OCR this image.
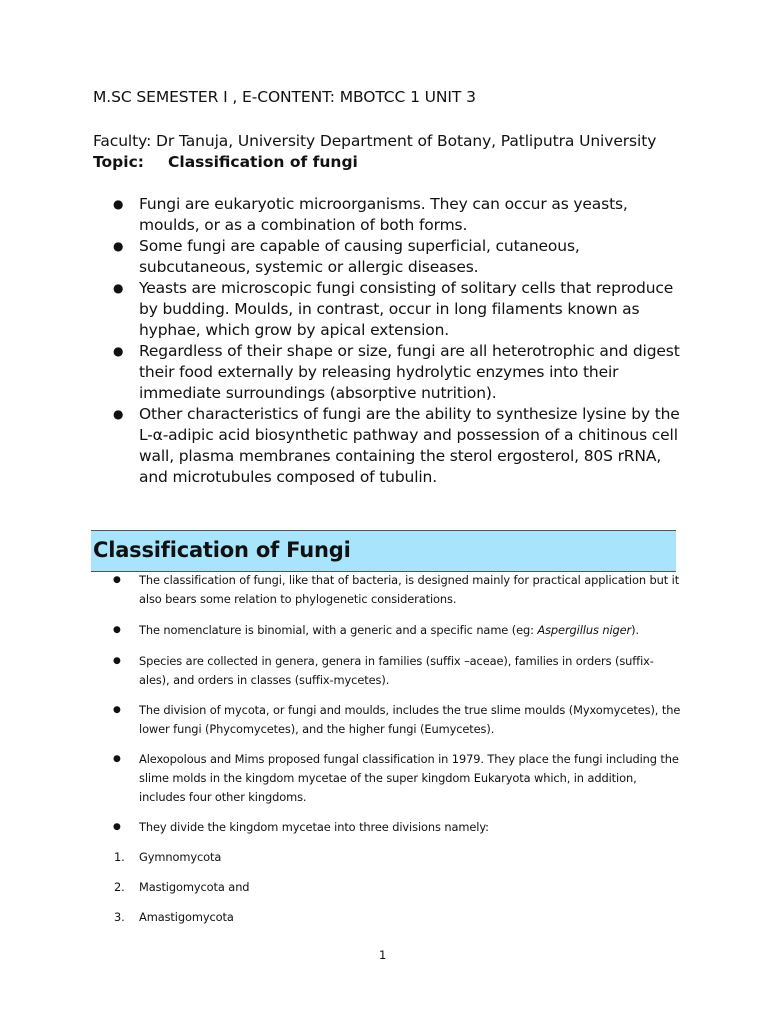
M.SC SEMESTER I , E-CONTENT: MBOTCC 1 UNIT 3
Faculty: Dr Tanuja, University Department of Botany, Patliputra University
Topic: Classification of fungi
● Fungi are eukaryotic microorganisms. They can occur as yeasts, moulds, or as a combination of both forms.
● Some fungi are capable of causing superficial, cutaneous, subcutaneous, systemic or allergic diseases.
● Yeasts are microscopic fungi consisting of solitary cells that reproduce by budding. Moulds, in contrast, occur in long filaments known as hyphae, which grow by apical extension.
● Regardless of their shape or size, fungi are all heterotrophic and digest their food externally by releasing hydrolytic enzymes into their immediate surroundings (absorptive nutrition).
● Other characteristics of fungi are the ability to synthesize lysine by the L-α-adipic acid biosynthetic pathway and possession of a chitinous cell wall, plasma membranes containing the sterol ergosterol, 80S rRNA, and microtubules composed of tubulin.
Classification of Fungi
● The classification of fungi, like that of bacteria, is designed mainly for practical application but it also bears some relation to phylogenetic considerations.
● The nomenclature is binomial, with a generic and a specific name (eg: Aspergillus niger).
● Species are collected in genera, genera in families (suffix –aceae), families in orders (suffix-ales), and orders in classes (suffix-mycetes).
● The division of mycota, or fungi and moulds, includes the true slime moulds (Myxomycetes), the lower fungi (Phycomycetes), and the higher fungi (Eumycetes).
● Alexopolous and Mims proposed fungal classification in 1979. They place the fungi including the slime molds in the kingdom mycetae of the super kingdom Eukaryota which, in addition, includes four other kingdoms.
● They divide the kingdom mycetae into three divisions namely:
1. Gymnomycota
2. Mastigomycota and
3. Amastigomycota
1
